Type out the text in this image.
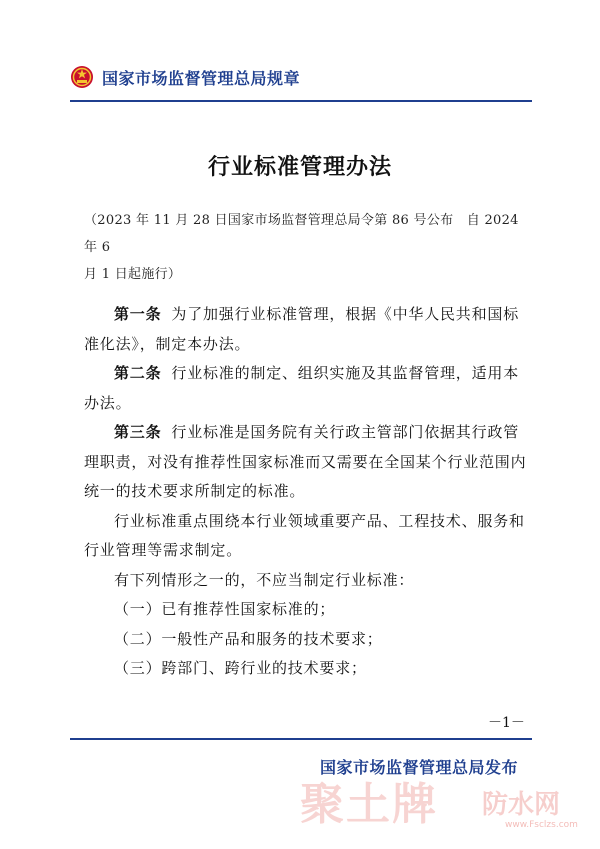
国家市场监督管理总局规章
行业标准管理办法
（2023 年 11 月 28 日国家市场监督管理总局令第 86 号公布　自 2024 年 6
月 1 日起施行）

第一条 为了加强行业标准管理，根据《中华人民共和国标准化法》，制定本办法。

第二条 行业标准的制定、组织实施及其监督管理，适用本办法。

第三条 行业标准是国务院有关行政主管部门依据其行政管理职责，对没有推荐性国家标准而又需要在全国某个行业范围内统一的技术要求所制定的标准。

行业标准重点围绕本行业领域重要产品、工程技术、服务和行业管理等需求制定。

有下列情形之一的，不应当制定行业标准：

（一）已有推荐性国家标准的；

（二）一般性产品和服务的技术要求；

（三）跨部门、跨行业的技术要求；

－1－
国家市场监督管理总局发布
聚土牌 防水网
www.Fsclzs.com
